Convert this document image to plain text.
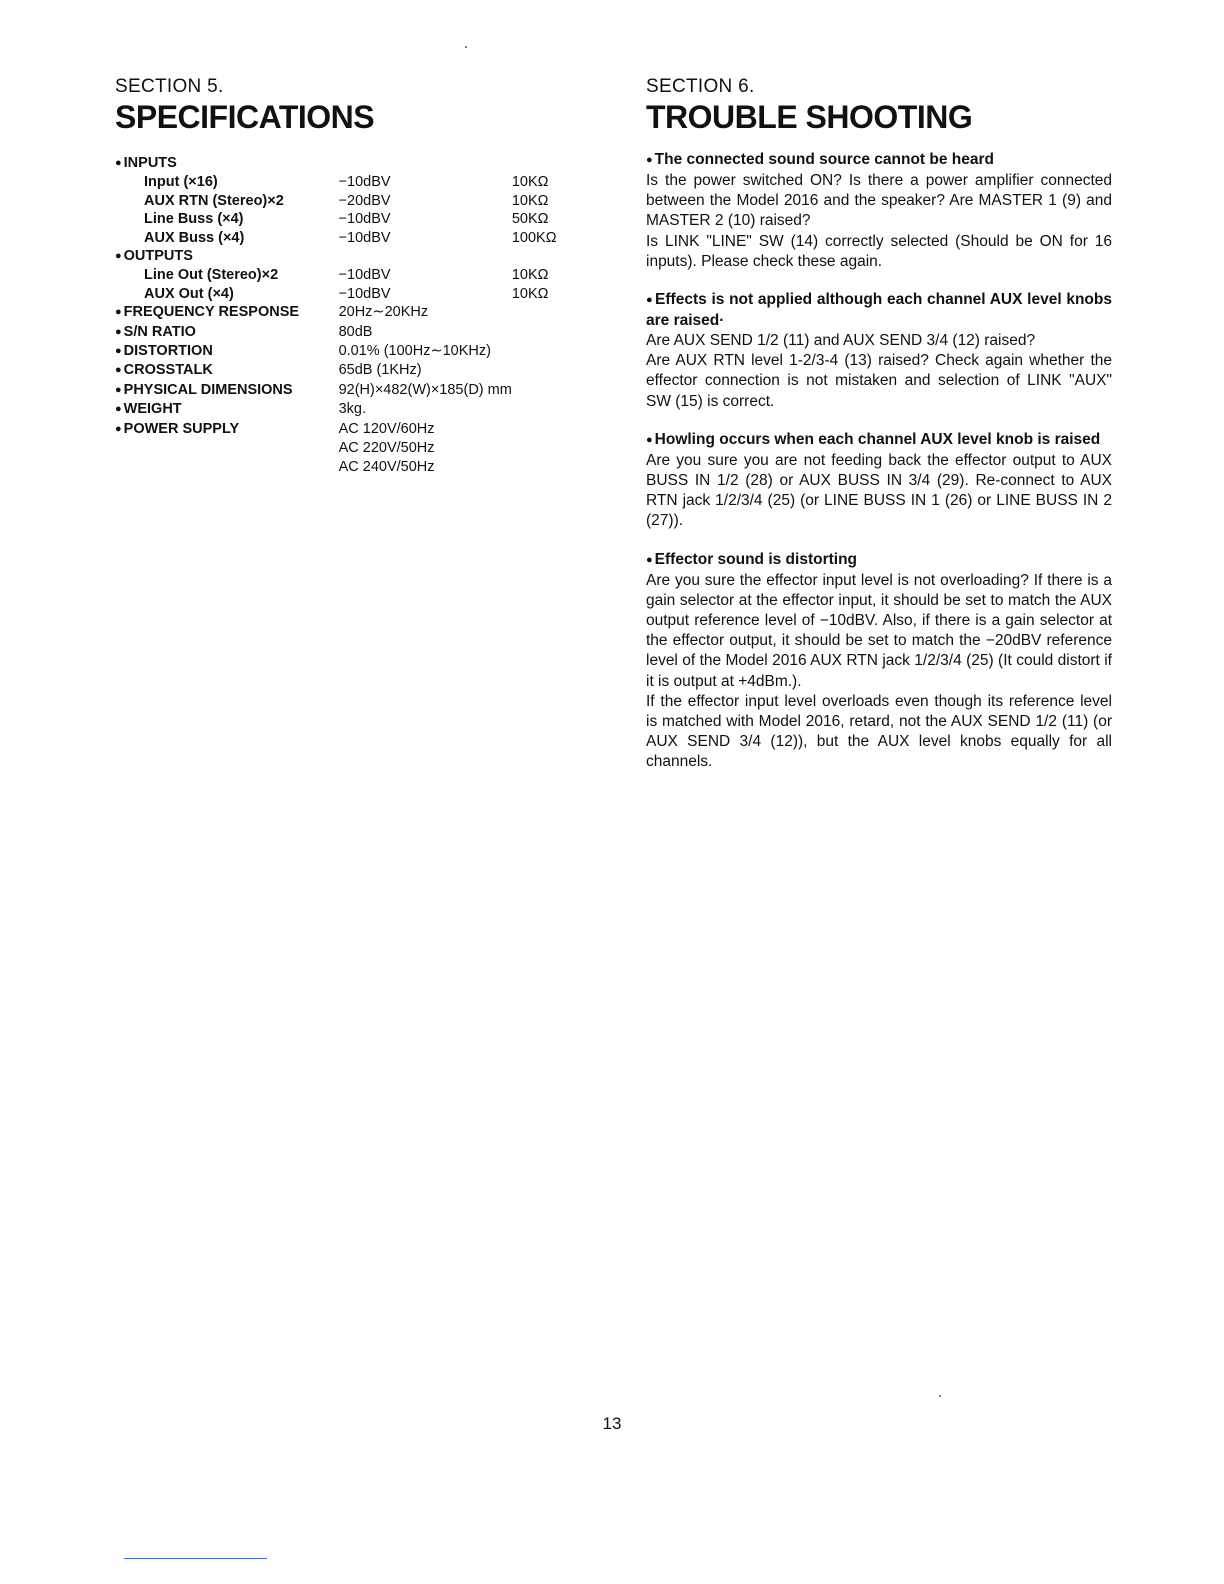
SECTION 5.
SPECIFICATIONS
● INPUTS		
Input (×16)	−10dBV	10KΩ
AUX RTN (Stereo)×2	−20dBV	10KΩ
Line Buss (×4)	−10dBV	50KΩ
AUX Buss (×4)	−10dBV	100KΩ
● OUTPUTS		
Line Out (Stereo)×2	−10dBV	10KΩ
AUX Out (×4)	−10dBV	10KΩ
● FREQUENCY RESPONSE	20Hz∼20KHz	
● S/N RATIO	80dB	
● DISTORTION	0.01% (100Hz∼10KHz)	
● CROSSTALK	65dB (1KHz)	
● PHYSICAL DIMENSIONS	92(H)×482(W)×185(D) mm	
● WEIGHT	3kg.	
● POWER SUPPLY	AC 120V/60Hz	
	AC 220V/50Hz	
	AC 240V/50Hz	
SECTION 6.
TROUBLE SHOOTING
● The connected sound source cannot be heard

Is the power switched ON? Is there a power amplifier connected between the Model 2016 and the speaker? Are MASTER 1 (9) and MASTER 2 (10) raised?

Is LINK "LINE" SW (14) correctly selected (Should be ON for 16 inputs). Please check these again.

● Effects is not applied although each channel AUX level knobs are raised·

Are AUX SEND 1/2 (11) and AUX SEND 3/4 (12) raised?

Are AUX RTN level 1-2/3-4 (13) raised? Check again whether the effector connection is not mistaken and selection of LINK "AUX" SW (15) is correct.

● Howling occurs when each channel AUX level knob is raised

Are you sure you are not feeding back the effector output to AUX BUSS IN 1/2 (28) or AUX BUSS IN 3/4 (29). Re-connect to AUX RTN jack 1/2/3/4 (25) (or LINE BUSS IN 1 (26) or LINE BUSS IN 2 (27)).

● Effector sound is distorting

Are you sure the effector input level is not overloading? If there is a gain selector at the effector input, it should be set to match the AUX output reference level of −10dBV. Also, if there is a gain selector at the effector output, it should be set to match the −20dBV reference level of the Model 2016 AUX RTN jack 1/2/3/4 (25) (It could distort if it is output at +4dBm.).

If the effector input level overloads even though its reference level is matched with Model 2016, retard, not the AUX SEND 1/2 (11) (or AUX SEND 3/4 (12)), but the AUX level knobs equally for all channels.

13
